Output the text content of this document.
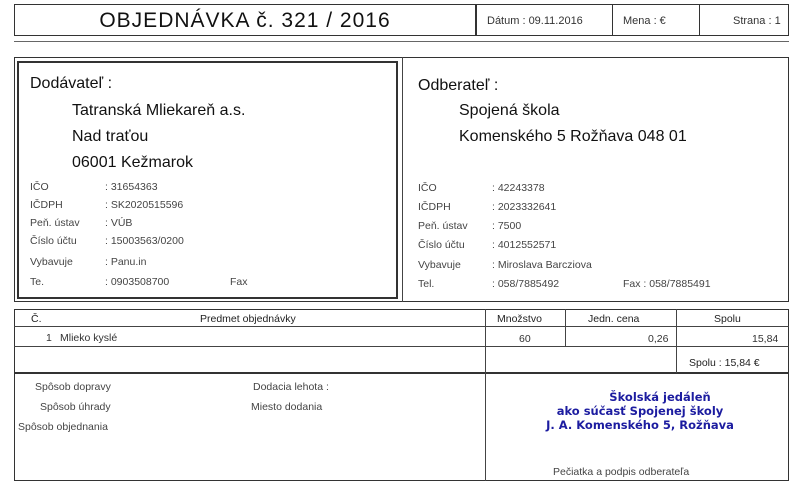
OBJEDNÁVKA č. 321 / 2016	Dátum : 09.11.2016	Mena : €	Strana : 1
Dodávateľ :
Tatranská Mliekareň a.s.
Nad traťou
06001 Kežmarok
IČO	: 31654363
IČDPH	: SK2020515596
Peň. ústav : VÚB
Číslo účtu	: 15003563/0200
Vybavuje	: Panu.in
Te.	: 0903508700	Fax
Odberateľ :
Spojená škola
Komenského 5 Rožňava 048 01
IČO	: 42243378
IČDPH	: 2023332641
Peň. ústav : 7500
Číslo účtu	: 4012552571
Vybavuje	: Miroslava Barcziova
Tel.	: 058/7885492	Fax : 058/7885491
Č.	Predmet objednávky	Množstvo	Jedn. cena	Spolu
1 Mlieko kyslé	60	0,26	15,84
Spolu : 15,84 €
Spôsob dopravy
Spôsob úhrady
Spôsob objednania
Dodacia lehota :
Miesto dodania
Školská jedáleň
ako súčasť Spojenej školy
J. A. Komenského 5, Rožňava
Pečiatka a podpis odberateľa
